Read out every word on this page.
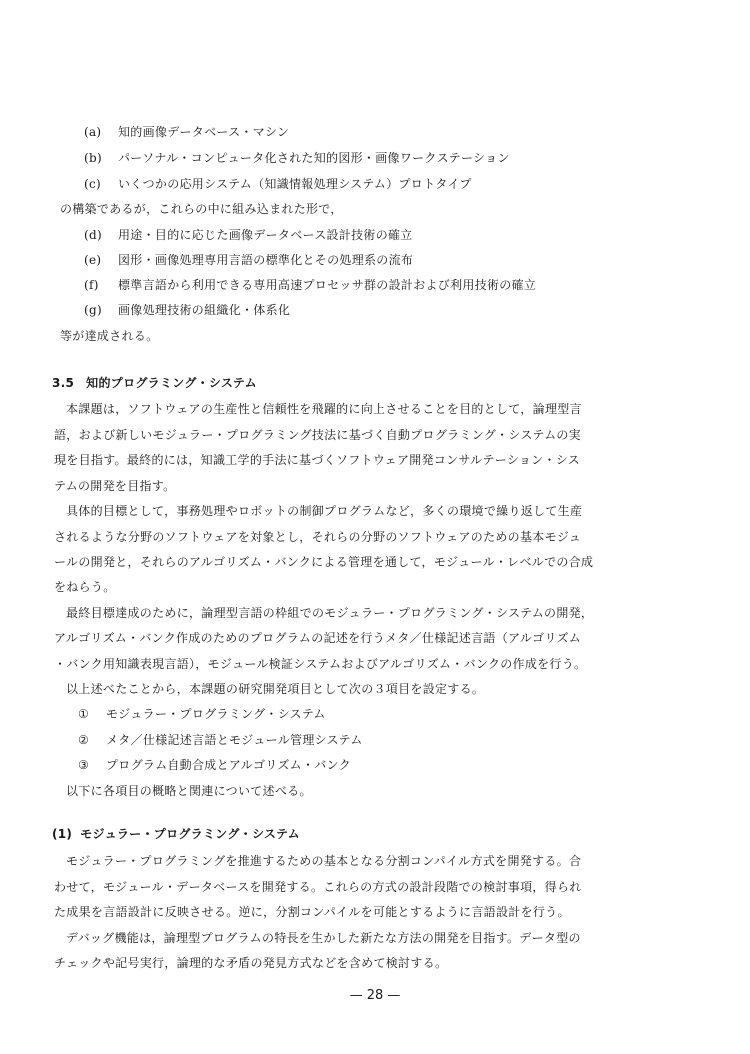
(a) 知的画像データベース・マシン
(b) パーソナル・コンピュータ化された知的図形・画像ワークステーション
(c) いくつかの応用システム（知識情報処理システム）プロトタイプ
の構築であるが，これらの中に組み込まれた形で，
(d) 用途・目的に応じた画像データベース設計技術の確立
(e) 図形・画像処理専用言語の標準化とその処理系の流布
(f) 標準言語から利用できる専用高速プロセッサ群の設計および利用技術の確立
(g) 画像処理技術の組織化・体系化
等が達成される。
3.5 知的プログラミング・システム
本課題は，ソフトウェアの生産性と信頼性を飛躍的に向上させることを目的として，論理型言
語，および新しいモジュラー・プログラミング技法に基づく自動プログラミング・システムの実
現を目指す。最終的には，知識工学的手法に基づくソフトウェア開発コンサルテーション・シス
テムの開発を目指す。
具体的目標として，事務処理やロボットの制御プログラムなど，多くの環境で繰り返して生産
されるような分野のソフトウェアを対象とし，それらの分野のソフトウェアのための基本モジュ
ールの開発と，それらのアルゴリズム・バンクによる管理を通して，モジュール・レベルでの合成
をねらう。
最終目標達成のために，論理型言語の枠組でのモジュラー・プログラミング・システムの開発，
アルゴリズム・バンク作成のためのプログラムの記述を行うメタ／仕様記述言語（アルゴリズム
・バンク用知識表現言語），モジュール検証システムおよびアルゴリズム・バンクの作成を行う。
以上述べたことから，本課題の研究開発項目として次の３項目を設定する。
① モジュラー・プログラミング・システム
② メタ／仕様記述言語とモジュール管理システム
③ プログラム自動合成とアルゴリズム・バンク
以下に各項目の概略と関連について述べる。
(1) モジュラー・プログラミング・システム
モジュラー・プログラミングを推進するための基本となる分割コンパイル方式を開発する。合
わせて，モジュール・データベースを開発する。これらの方式の設計段階での検討事項，得られ
た成果を言語設計に反映させる。逆に，分割コンパイルを可能とするように言語設計を行う。
デバッグ機能は，論理型プログラムの特長を生かした新たな方法の開発を目指す。データ型の
チェックや記号実行，論理的な矛盾の発見方式などを含めて検討する。
— 28 —
